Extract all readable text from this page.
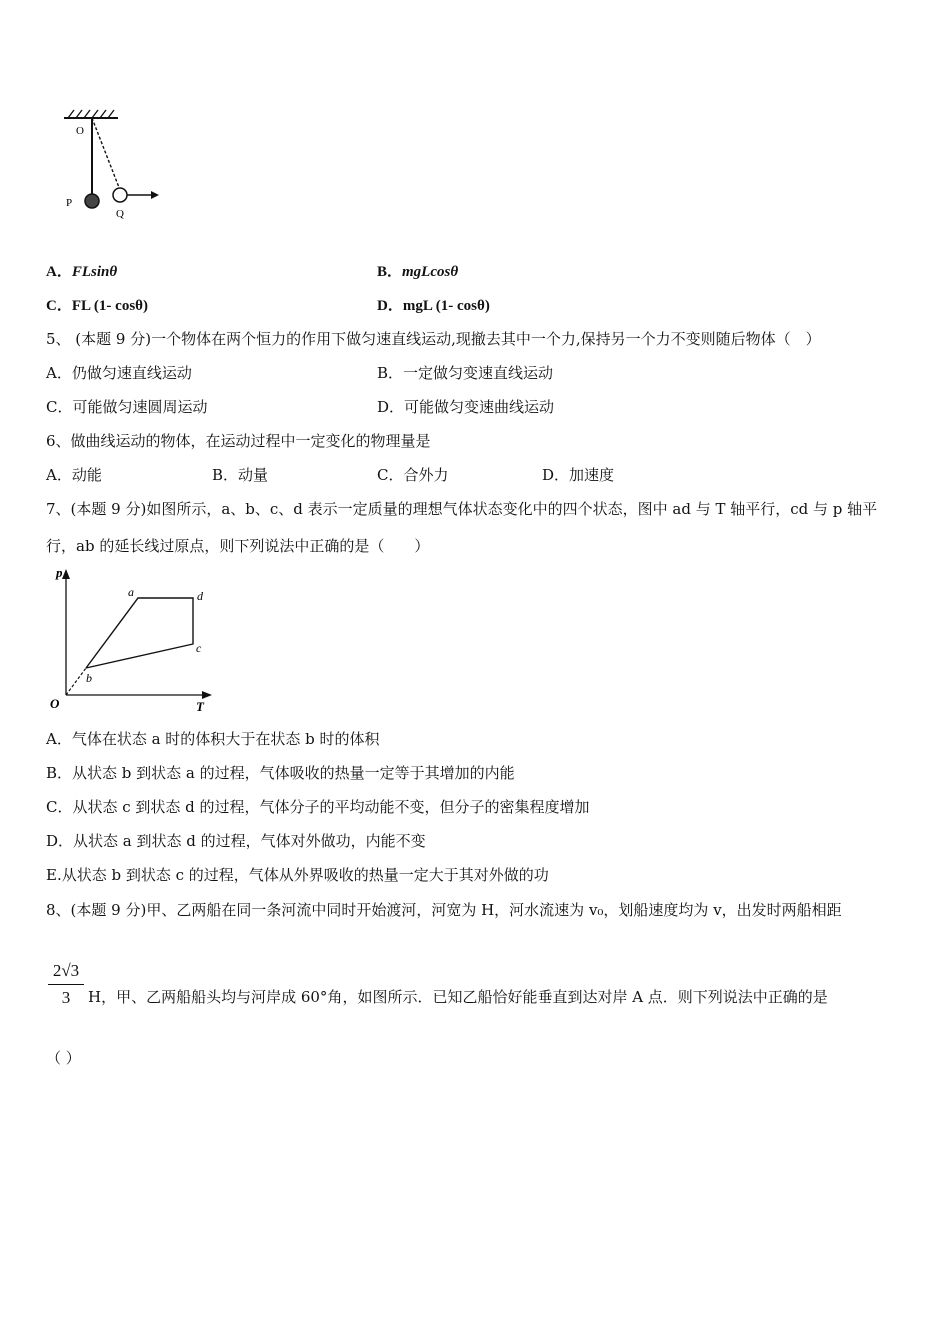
O
P
Q
A．FLsinθ	B．mgLcosθ
C．FL (1- cosθ)	D．mgL (1- cosθ)
5、 (本题 9 分)一个物体在两个恒力的作用下做匀速直线运动,现撤去其中一个力,保持另一个力不变则随后物体（　）
A．仍做匀速直线运动	B．一定做匀变速直线运动
C．可能做匀速圆周运动	D．可能做匀变速曲线运动
6、做曲线运动的物体，在运动过程中一定变化的物理量是
A．动能	B．动量	C．合外力	D．加速度
7、(本题 9 分)如图所示，a、b、c、d 表示一定质量的理想气体状态变化中的四个状态，图中 ad 与 T 轴平行，cd 与 p 轴平
行，ab 的延长线过原点，则下列说法中正确的是（　　）
p
T
O
a	d
c
b
A．气体在状态 a 时的体积大于在状态 b 时的体积
B．从状态 b 到状态 a 的过程，气体吸收的热量一定等于其增加的内能
C．从状态 c 到状态 d 的过程，气体分子的平均动能不变，但分子的密集程度增加
D．从状态 a 到状态 d 的过程，气体对外做功，内能不变
E.从状态 b 到状态 c 的过程，气体从外界吸收的热量一定大于其对外做的功
8、(本题 9 分)甲、乙两船在同一条河流中同时开始渡河，河宽为 H，河水流速为 v₀，划船速度均为 v，出发时两船相距
2√3
3	H，甲、乙两船船头均与河岸成 60°角，如图所示．已知乙船恰好能垂直到达对岸 A 点．则下列说法中正确的是
（ ）
